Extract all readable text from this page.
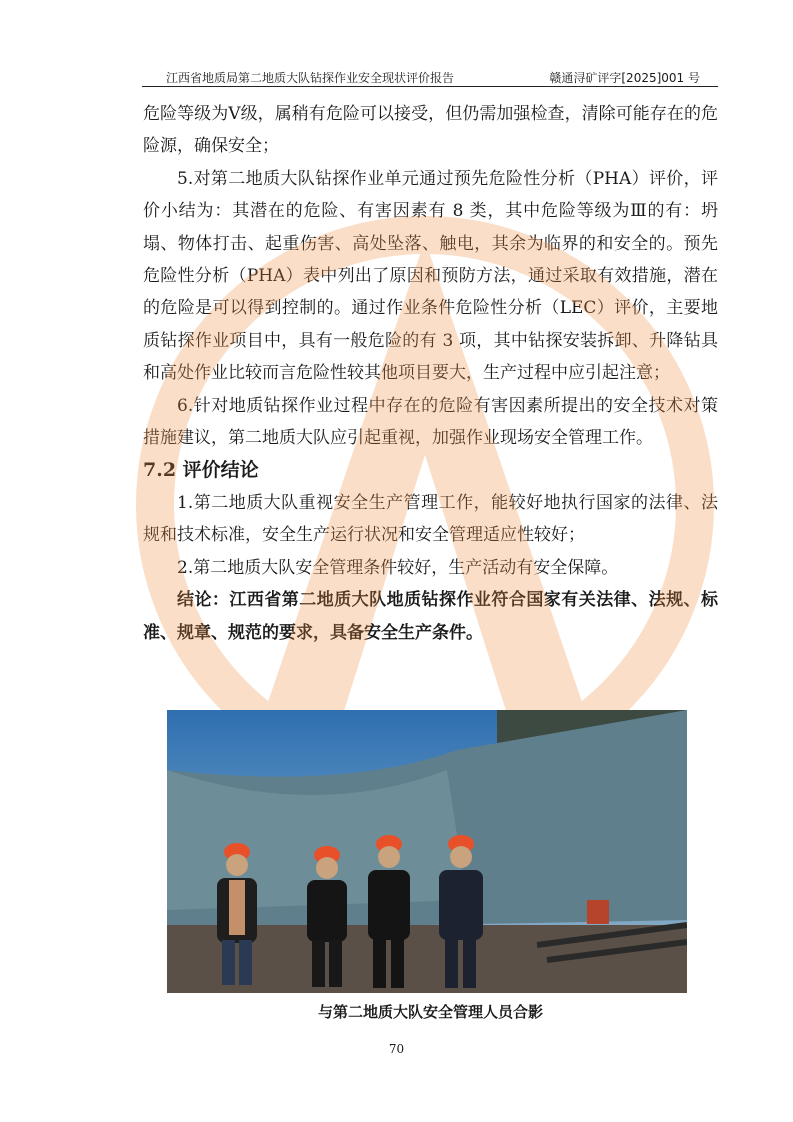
江西省地质局第二地质大队钻探作业安全现状评价报告	赣通浔矿评字[2025]001 号

危险等级为Ⅴ级，属稍有危险可以接受，但仍需加强检查，清除可能存在的危险源，确保安全；

5.对第二地质大队钻探作业单元通过预先危险性分析（PHA）评价，评价小结为：其潜在的危险、有害因素有 8 类，其中危险等级为Ⅲ的有：坍塌、物体打击、起重伤害、高处坠落、触电，其余为临界的和安全的。预先危险性分析（PHA）表中列出了原因和预防方法，通过采取有效措施，潜在的危险是可以得到控制的。通过作业条件危险性分析（LEC）评价，主要地质钻探作业项目中，具有一般危险的有 3 项，其中钻探安装拆卸、升降钻具和高处作业比较而言危险性较其他项目要大，生产过程中应引起注意；

6.针对地质钻探作业过程中存在的危险有害因素所提出的安全技术对策措施建议，第二地质大队应引起重视，加强作业现场安全管理工作。

7.2 评价结论

1.第二地质大队重视安全生产管理工作，能较好地执行国家的法律、法规和技术标准，安全生产运行状况和安全管理适应性较好；

2.第二地质大队安全管理条件较好，生产活动有安全保障。

结论：江西省第二地质大队地质钻探作业符合国家有关法律、法规、标准、规章、规范的要求，具备安全生产条件。

与第二地质大队安全管理人员合影
70
